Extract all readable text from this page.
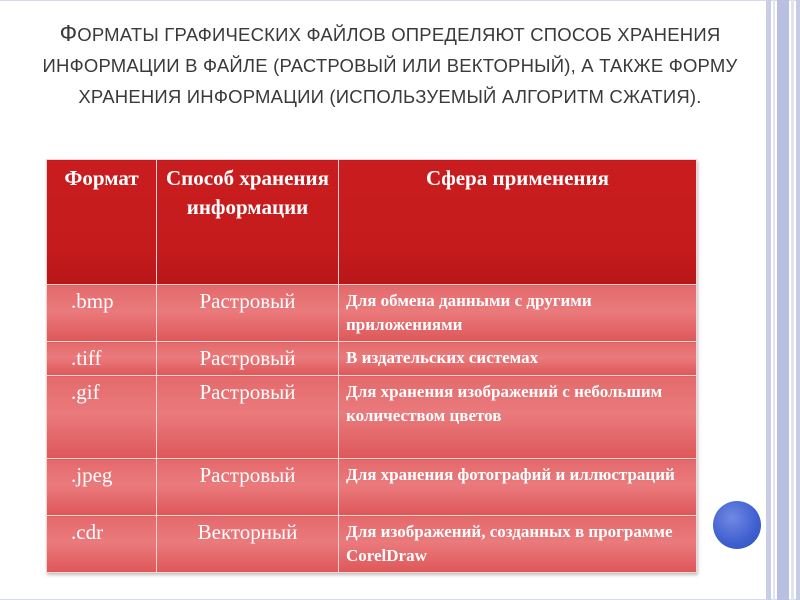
ФОРМАТЫ ГРАФИЧЕСКИХ ФАЙЛОВ ОПРЕДЕЛЯЮТ СПОСОБ ХРАНЕНИЯ ИНФОРМАЦИИ В ФАЙЛЕ (РАСТРОВЫЙ ИЛИ ВЕКТОРНЫЙ), А ТАКЖЕ ФОРМУ ХРАНЕНИЯ ИНФОРМАЦИИ (ИСПОЛЬЗУЕМЫЙ АЛГОРИТМ СЖАТИЯ).
Формат	Способ хранения информации	Сфера применения
.bmp	Растровый	Для обмена данными с другими приложениями
.tiff	Растровый	В издательских системах
.gif	Растровый	Для хранения изображений с небольшим количеством цветов
.jpeg	Растровый	Для хранения фотографий и иллюстраций
.cdr	Векторный	Для изображений, созданных в программе CorelDraw
